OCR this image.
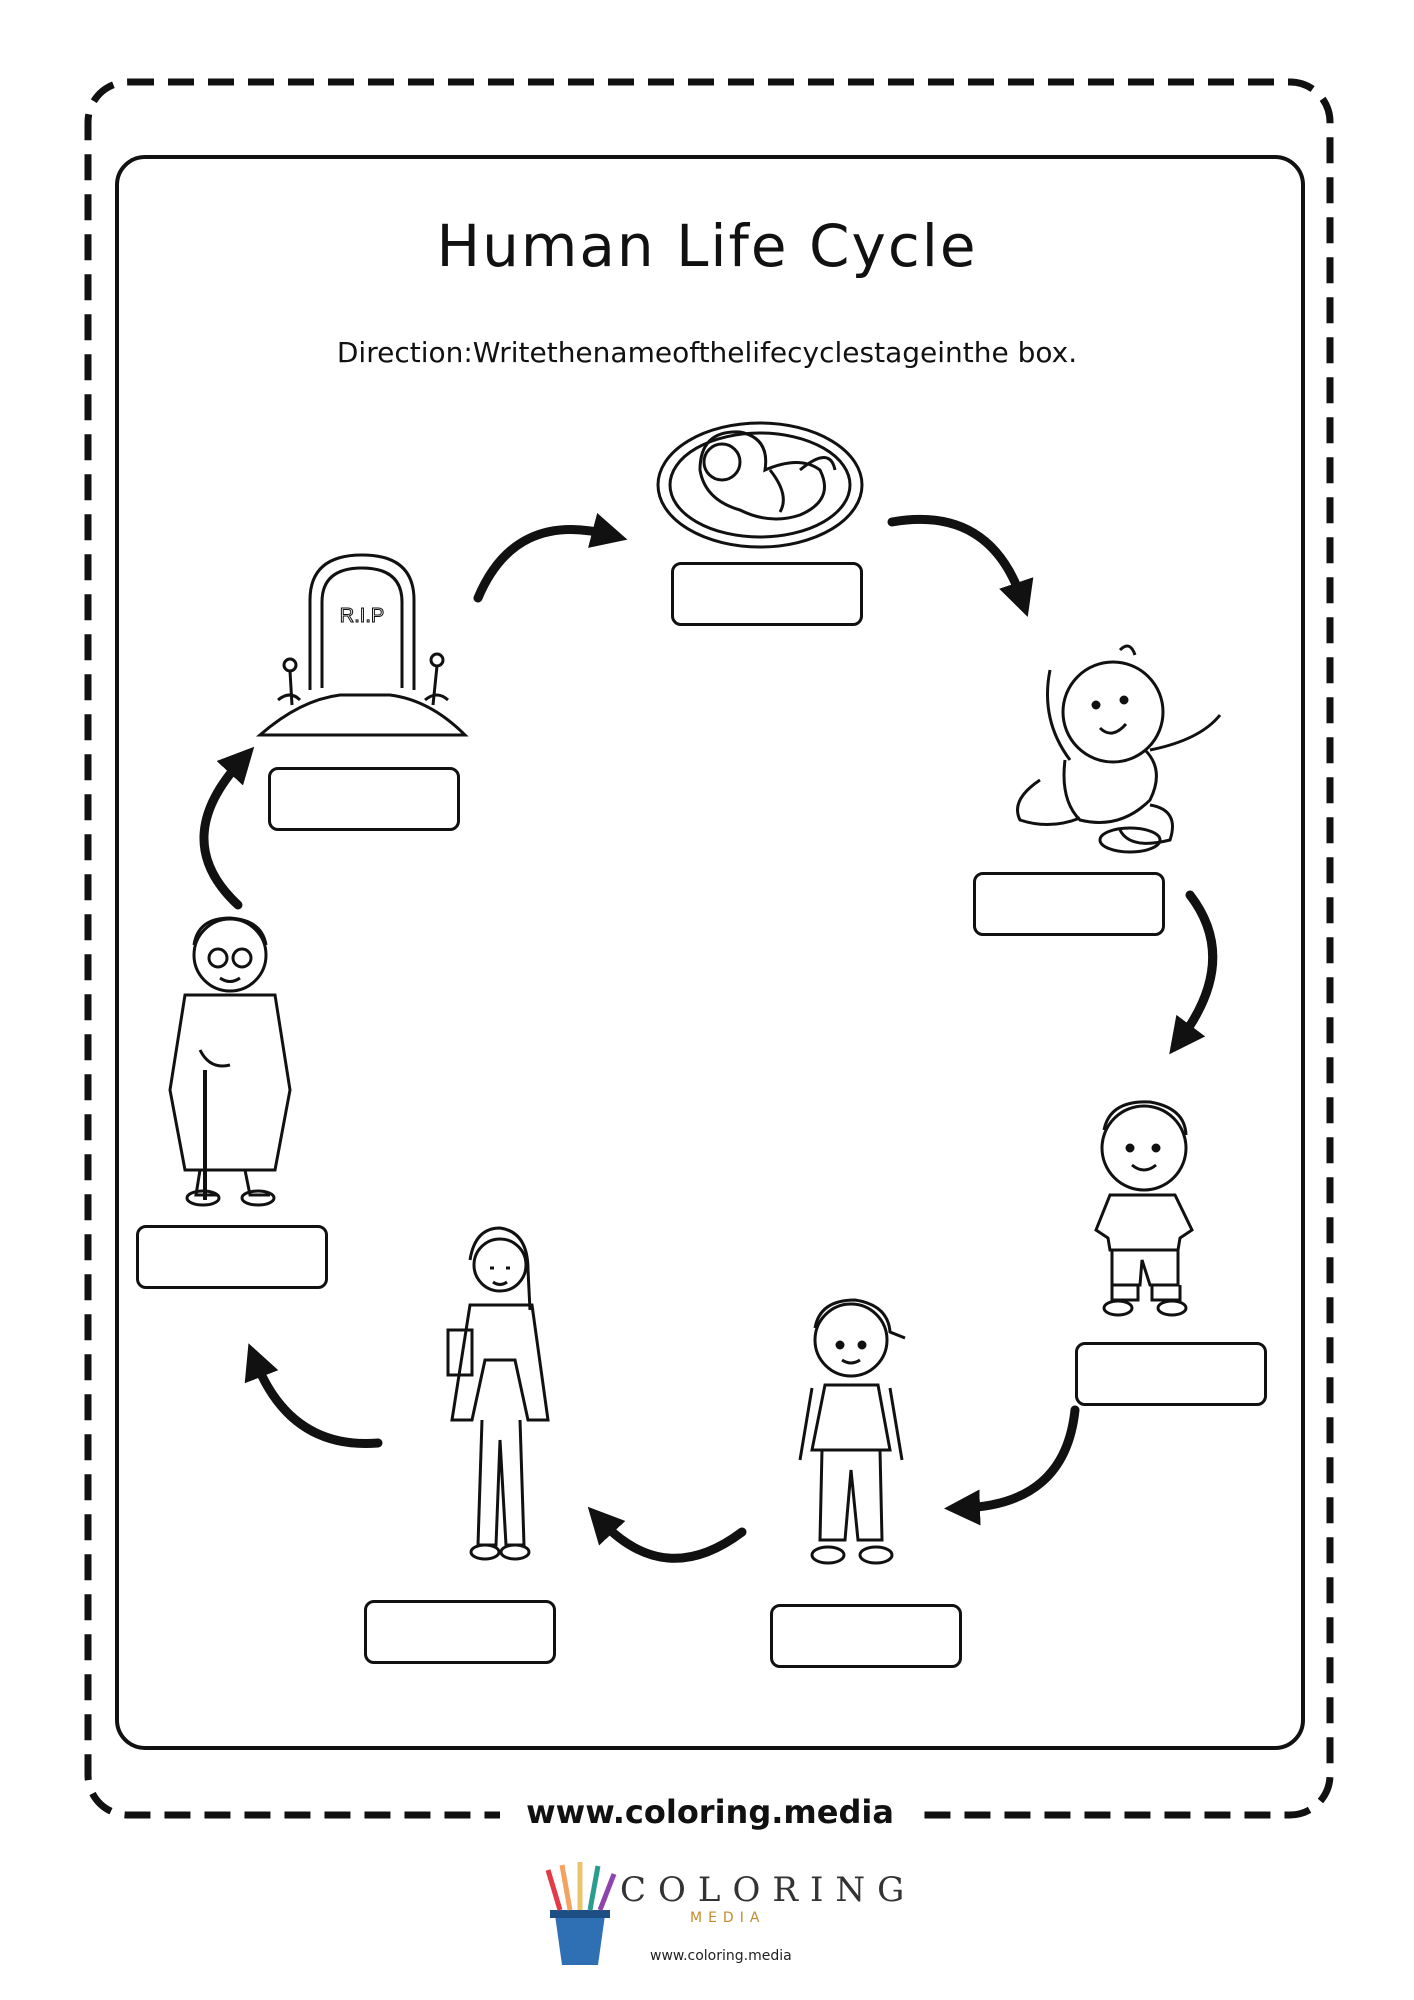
Human Life Cycle
Direction:Writethenameofthelifecyclestageinthe box.
R.I.P
www.coloring.media
COLORING
MEDIA
www.coloring.media
